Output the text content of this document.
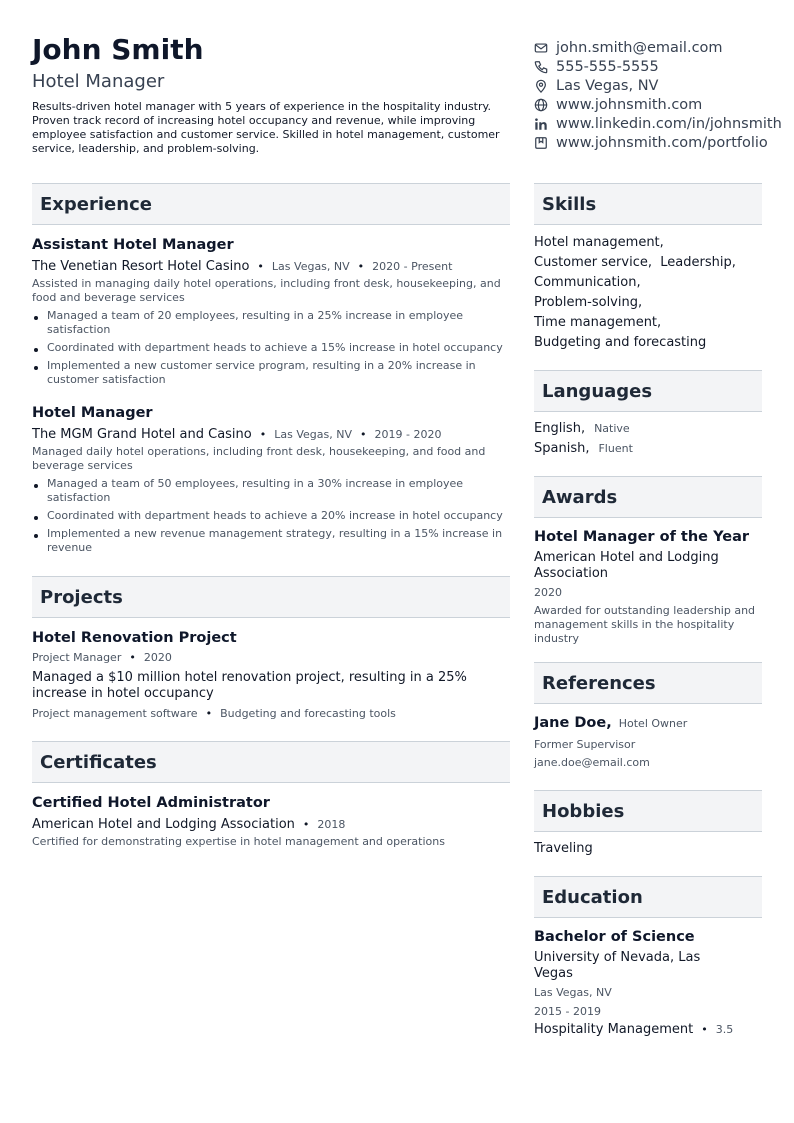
John Smith
Hotel Manager
Results-driven hotel manager with 5 years of experience in the hospitality industry. Proven track record of increasing hotel occupancy and revenue, while improving employee satisfaction and customer service. Skilled in hotel management, customer service, leadership, and problem-solving.
john.smith@email.com
555-555-5555
Las Vegas, NV
www.johnsmith.com
www.linkedin.com/in/johnsmith
www.johnsmith.com/portfolio
Experience
Assistant Hotel Manager
The Venetian Resort Hotel Casino • Las Vegas, NV • 2020 - Present
Assisted in managing daily hotel operations, including front desk, housekeeping, and food and beverage services
Managed a team of 20 employees, resulting in a 25% increase in employee satisfaction
Coordinated with department heads to achieve a 15% increase in hotel occupancy
Implemented a new customer service program, resulting in a 20% increase in customer satisfaction
Hotel Manager
The MGM Grand Hotel and Casino • Las Vegas, NV • 2019 - 2020
Managed daily hotel operations, including front desk, housekeeping, and food and beverage services
Managed a team of 50 employees, resulting in a 30% increase in employee satisfaction
Coordinated with department heads to achieve a 20% increase in hotel occupancy
Implemented a new revenue management strategy, resulting in a 15% increase in revenue
Projects
Hotel Renovation Project
Project Manager • 2020
Managed a $10 million hotel renovation project, resulting in a 25% increase in hotel occupancy
Project management software • Budgeting and forecasting tools
Certificates
Certified Hotel Administrator
American Hotel and Lodging Association • 2018
Certified for demonstrating expertise in hotel management and operations
Skills
Hotel management,
Customer service,  Leadership,
Communication,
Problem-solving,
Time management,
Budgeting and forecasting
Languages
English, Native
Spanish, Fluent
Awards
Hotel Manager of the Year
American Hotel and Lodging Association
2020
Awarded for outstanding leadership and management skills in the hospitality industry
References
Jane Doe, Hotel Owner
Former Supervisor
jane.doe@email.com
Hobbies
Traveling
Education
Bachelor of Science
University of Nevada, Las Vegas
Las Vegas, NV
2015 - 2019
Hospitality Management • 3.5
